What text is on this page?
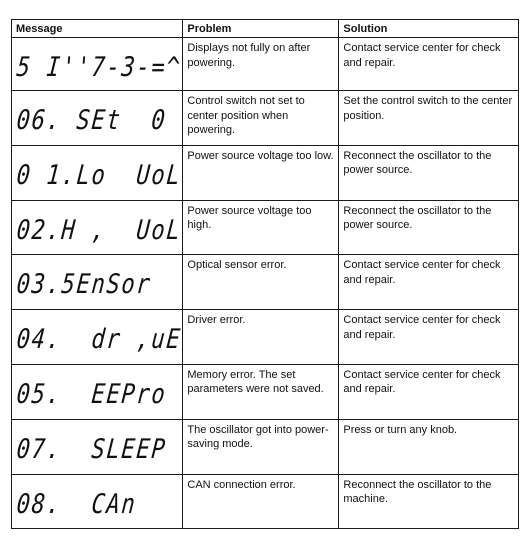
Message	Problem	Solution

5 I''7-3-=^	Displays not fully on after powering.	Contact service center for check and repair.

06. SEt  0	Control switch not set to center position when powering.	Set the control switch to the center position.

0 1.Lo  UoL	Power source voltage too low.	Reconnect the oscillator to the power source.

02.H ,  UoL	Power source voltage too high.	Reconnect the oscillator to the power source.

03.5EnSor	Optical sensor error.	Contact service center for check and repair.

04.  dr ,uE	Driver error.	Contact service center for check and repair.

05.  EEPro	Memory error. The set parameters were not saved.	Contact service center for check and repair.

07.  SLEEP	The oscillator got into power-saving mode.	Press or turn any knob.

08.  CAn	CAN connection error.	Reconnect the oscillator to the machine.
